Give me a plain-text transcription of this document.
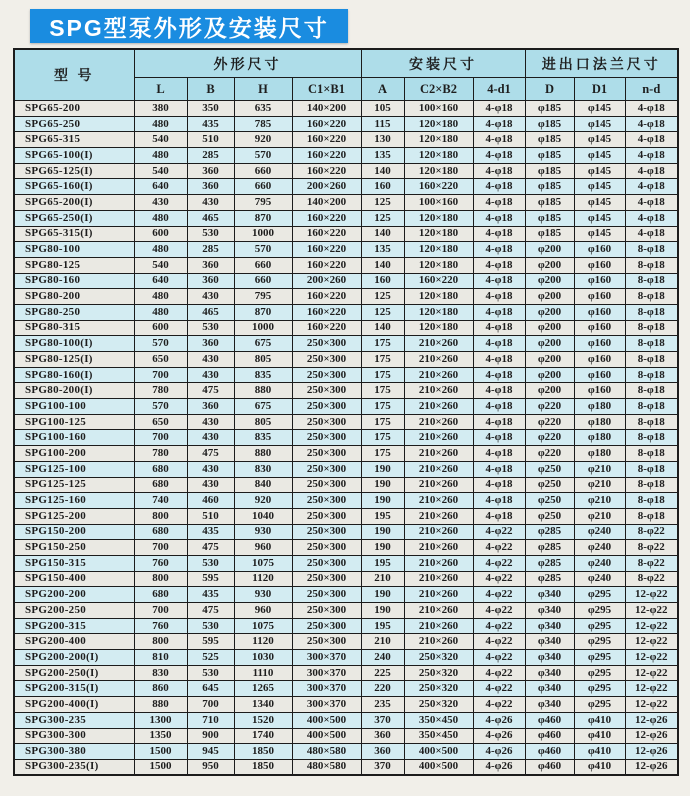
SPG型泵外形及安装尺寸
型 号	外形尺寸				安装尺寸			进出口法兰尺寸		
	L	B	H	C1×B1	A	C2×B2	4-d1	D	D1	n-d
SPG65-200	380	350	635	140×200	105	100×160	4-φ18	φ185	φ145	4-φ18
SPG65-250	480	435	785	160×220	115	120×180	4-φ18	φ185	φ145	4-φ18
SPG65-315	540	510	920	160×220	130	120×180	4-φ18	φ185	φ145	4-φ18
SPG65-100(I)	480	285	570	160×220	135	120×180	4-φ18	φ185	φ145	4-φ18
SPG65-125(I)	540	360	660	160×220	140	120×180	4-φ18	φ185	φ145	4-φ18
SPG65-160(I)	640	360	660	200×260	160	160×220	4-φ18	φ185	φ145	4-φ18
SPG65-200(I)	430	430	795	140×200	125	100×160	4-φ18	φ185	φ145	4-φ18
SPG65-250(I)	480	465	870	160×220	125	120×180	4-φ18	φ185	φ145	4-φ18
SPG65-315(I)	600	530	1000	160×220	140	120×180	4-φ18	φ185	φ145	4-φ18
SPG80-100	480	285	570	160×220	135	120×180	4-φ18	φ200	φ160	8-φ18
SPG80-125	540	360	660	160×220	140	120×180	4-φ18	φ200	φ160	8-φ18
SPG80-160	640	360	660	200×260	160	160×220	4-φ18	φ200	φ160	8-φ18
SPG80-200	480	430	795	160×220	125	120×180	4-φ18	φ200	φ160	8-φ18
SPG80-250	480	465	870	160×220	125	120×180	4-φ18	φ200	φ160	8-φ18
SPG80-315	600	530	1000	160×220	140	120×180	4-φ18	φ200	φ160	8-φ18
SPG80-100(I)	570	360	675	250×300	175	210×260	4-φ18	φ200	φ160	8-φ18
SPG80-125(I)	650	430	805	250×300	175	210×260	4-φ18	φ200	φ160	8-φ18
SPG80-160(I)	700	430	835	250×300	175	210×260	4-φ18	φ200	φ160	8-φ18
SPG80-200(I)	780	475	880	250×300	175	210×260	4-φ18	φ200	φ160	8-φ18
SPG100-100	570	360	675	250×300	175	210×260	4-φ18	φ220	φ180	8-φ18
SPG100-125	650	430	805	250×300	175	210×260	4-φ18	φ220	φ180	8-φ18
SPG100-160	700	430	835	250×300	175	210×260	4-φ18	φ220	φ180	8-φ18
SPG100-200	780	475	880	250×300	175	210×260	4-φ18	φ220	φ180	8-φ18
SPG125-100	680	430	830	250×300	190	210×260	4-φ18	φ250	φ210	8-φ18
SPG125-125	680	430	840	250×300	190	210×260	4-φ18	φ250	φ210	8-φ18
SPG125-160	740	460	920	250×300	190	210×260	4-φ18	φ250	φ210	8-φ18
SPG125-200	800	510	1040	250×300	195	210×260	4-φ18	φ250	φ210	8-φ18
SPG150-200	680	435	930	250×300	190	210×260	4-φ22	φ285	φ240	8-φ22
SPG150-250	700	475	960	250×300	190	210×260	4-φ22	φ285	φ240	8-φ22
SPG150-315	760	530	1075	250×300	195	210×260	4-φ22	φ285	φ240	8-φ22
SPG150-400	800	595	1120	250×300	210	210×260	4-φ22	φ285	φ240	8-φ22
SPG200-200	680	435	930	250×300	190	210×260	4-φ22	φ340	φ295	12-φ22
SPG200-250	700	475	960	250×300	190	210×260	4-φ22	φ340	φ295	12-φ22
SPG200-315	760	530	1075	250×300	195	210×260	4-φ22	φ340	φ295	12-φ22
SPG200-400	800	595	1120	250×300	210	210×260	4-φ22	φ340	φ295	12-φ22
SPG200-200(I)	810	525	1030	300×370	240	250×320	4-φ22	φ340	φ295	12-φ22
SPG200-250(I)	830	530	1110	300×370	225	250×320	4-φ22	φ340	φ295	12-φ22
SPG200-315(I)	860	645	1265	300×370	220	250×320	4-φ22	φ340	φ295	12-φ22
SPG200-400(I)	880	700	1340	300×370	235	250×320	4-φ22	φ340	φ295	12-φ22
SPG300-235	1300	710	1520	400×500	370	350×450	4-φ26	φ460	φ410	12-φ26
SPG300-300	1350	900	1740	400×500	360	350×450	4-φ26	φ460	φ410	12-φ26
SPG300-380	1500	945	1850	480×580	360	400×500	4-φ26	φ460	φ410	12-φ26
SPG300-235(I)	1500	950	1850	480×580	370	400×500	4-φ26	φ460	φ410	12-φ26
